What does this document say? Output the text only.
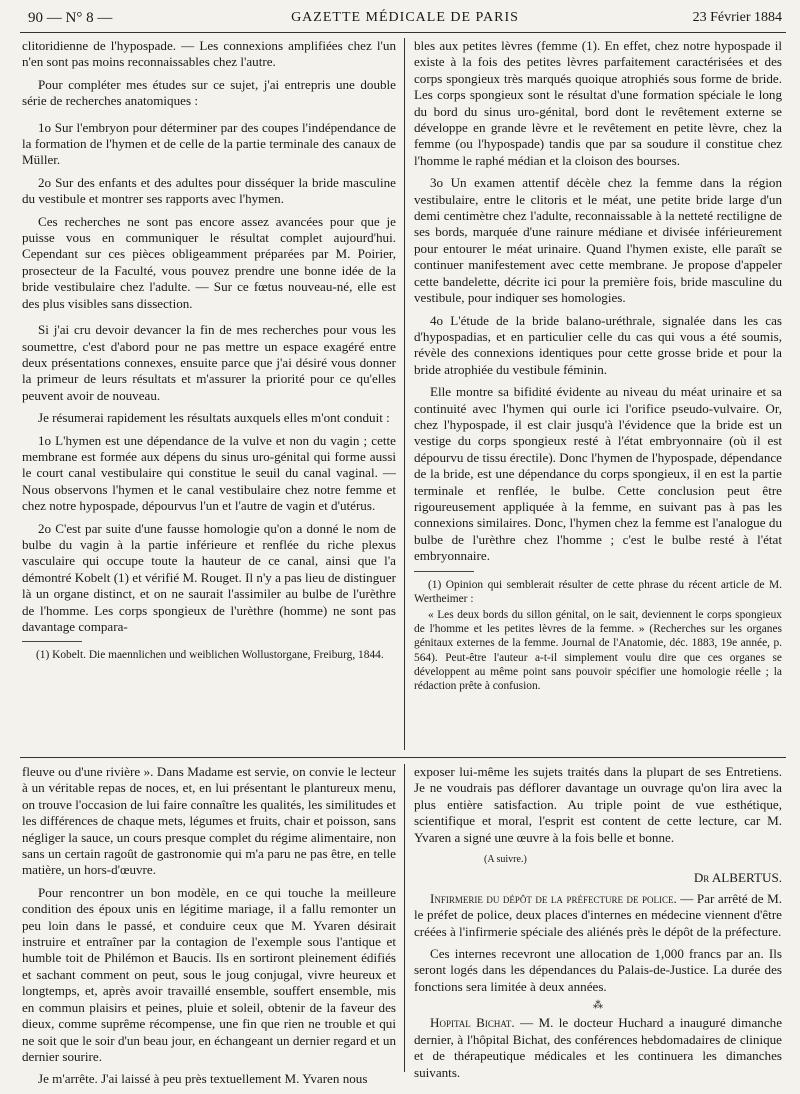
90 — N° 8 —	GAZETTE MÉDICALE DE PARIS	23 Février 1884

clitoridienne de l'hypospade. — Les connexions amplifiées chez l'un n'en sont pas moins reconnaissables chez l'autre.

Pour compléter mes études sur ce sujet, j'ai entrepris une double série de recherches anatomiques :

1o Sur l'embryon pour déterminer par des coupes l'indépendance de la formation de l'hymen et de celle de la partie terminale des canaux de Müller.

2o Sur des enfants et des adultes pour disséquer la bride masculine du vestibule et montrer ses rapports avec l'hymen.

Ces recherches ne sont pas encore assez avancées pour que je puisse vous en communiquer le résultat complet aujourd'hui. Cependant sur ces pièces obligeamment préparées par M. Poirier, prosecteur de la Faculté, vous pouvez prendre une bonne idée de la bride vestibulaire chez l'adulte. — Sur ce fœtus nouveau-né, elle est des plus visibles sans dissection.

Si j'ai cru devoir devancer la fin de mes recherches pour vous les soumettre, c'est d'abord pour ne pas mettre un espace exagéré entre deux présentations connexes, ensuite parce que j'ai désiré vous donner la primeur de leurs résultats et m'assurer la priorité pour ce qu'elles peuvent avoir de nouveau.

Je résumerai rapidement les résultats auxquels elles m'ont conduit :

1o L'hymen est une dépendance de la vulve et non du vagin ; cette membrane est formée aux dépens du sinus uro-génital qui forme aussi le court canal vestibulaire qui constitue le seuil du canal vaginal. — Nous observons l'hymen et le canal vestibulaire chez notre femme et chez notre hypospade, dépourvus l'un et l'autre de vagin et d'utérus.

2o C'est par suite d'une fausse homologie qu'on a donné le nom de bulbe du vagin à la partie inférieure et renflée du riche plexus vasculaire qui occupe toute la hauteur de ce canal, ainsi que l'a démontré Kobelt (1) et vérifié M. Rouget. Il n'y a pas lieu de distinguer là un organe distinct, et on ne saurait l'assimiler au bulbe de l'urèthre de l'homme. Les corps spongieux de l'urèthre (homme) ne sont pas davantage compara-

(1) Kobelt. Die maennlichen und weiblichen Wollustorgane, Freiburg, 1844.

bles aux petites lèvres (femme (1). En effet, chez notre hypospade il existe à la fois des petites lèvres parfaitement caractérisées et des corps spongieux très marqués quoique atrophiés sous forme de bride. Les corps spongieux sont le résultat d'une formation spéciale le long du bord du sinus uro-génital, bord dont le revêtement externe se développe en grande lèvre et le revêtement en petite lèvre, chez la femme (ou l'hypospade) tandis que par sa soudure il constitue chez l'homme le raphé médian et la cloison des bourses.

3o Un examen attentif décèle chez la femme dans la région vestibulaire, entre le clitoris et le méat, une petite bride large d'un demi centimètre chez l'adulte, reconnaissable à la netteté rectiligne de ses bords, marquée d'une rainure médiane et divisée inférieurement pour entourer le méat urinaire. Quand l'hymen existe, elle paraît se continuer manifestement avec cette membrane. Je propose d'appeler cette bandelette, décrite ici pour la première fois, bride masculine du vestibule, pour indiquer ses homologies.

4o L'étude de la bride balano-uréthrale, signalée dans les cas d'hypospadias, et en particulier celle du cas qui vous a été soumis, révèle des connexions identiques pour cette grosse bride et pour la bride atrophiée du vestibule féminin.

Elle montre sa bifidité évidente au niveau du méat urinaire et sa continuité avec l'hymen qui ourle ici l'orifice pseudo-vulvaire. Or, chez l'hypospade, il est clair jusqu'à l'évidence que la bride est un vestige du corps spongieux resté à l'état embryonnaire (où il est dépourvu de tissu érectile). Donc l'hymen de l'hypospade, dépendance de la bride, est une dépendance du corps spongieux, il en est la partie terminale et renflée, le bulbe. Cette conclusion peut être rigoureusement appliquée à la femme, en suivant pas à pas les connexions similaires. Donc, l'hymen chez la femme est l'analogue du bulbe de l'urèthre chez l'homme ; c'est le bulbe resté à l'état embryonnaire.

(1) Opinion qui semblerait résulter de cette phrase du récent article de M. Wertheimer :

« Les deux bords du sillon génital, on le sait, deviennent le corps spongieux de l'homme et les petites lèvres de la femme. » (Recherches sur les organes génitaux externes de la femme. Journal de l'Anatomie, déc. 1883, 19e année, p. 564). Peut-être l'auteur a-t-il simplement voulu dire que ces organes se développent au même point sans pouvoir spécifier une homologie réelle ; la rédaction prête à confusion.

fleuve ou d'une rivière ». Dans Madame est servie, on convie le lecteur à un véritable repas de noces, et, en lui présentant le plantureux menu, on trouve l'occasion de lui faire connaître les qualités, les similitudes et les différences de chaque mets, légumes et fruits, chair et poisson, sans négliger la sauce, un cours presque complet du régime alimentaire, non sans un certain ragoût de gastronomie qui m'a paru ne pas être, en telle matière, un hors-d'œuvre.

Pour rencontrer un bon modèle, en ce qui touche la meilleure condition des époux unis en légitime mariage, il a fallu remonter un peu loin dans le passé, et conduire ceux que M. Yvaren désirait instruire et entraîner par la contagion de l'exemple sous l'antique et humble toit de Philémon et Baucis. Ils en sortiront pleinement édifiés et sachant comment on peut, sous le joug conjugal, vivre heureux et longtemps, et, après avoir travaillé ensemble, souffert ensemble, mis en commun plaisirs et peines, pluie et soleil, obtenir de la faveur des dieux, comme suprême récompense, une fin que rien ne trouble et qui ne soit que le soir d'un beau jour, en échangeant un dernier regard et un dernier sourire.

Je m'arrête. J'ai laissé à peu près textuellement M. Yvaren nous

exposer lui-même les sujets traités dans la plupart de ses Entretiens. Je ne voudrais pas déflorer davantage un ouvrage qu'on lira avec la plus entière satisfaction. Au triple point de vue esthétique, scientifique et moral, l'esprit est content de cette lecture, car M. Yvaren a signé une œuvre à la fois belle et bonne.

(A suivre.)
Dr ALBERTUS.

Infirmerie du dépôt de la préfecture de police. — Par arrêté de M. le préfet de police, deux places d'internes en médecine viennent d'être créées à l'infirmerie spéciale des aliénés près le dépôt de la préfecture.

Ces internes recevront une allocation de 1,000 francs par an. Ils seront logés dans les dépendances du Palais-de-Justice. La durée des fonctions sera limitée à deux années.

⁂

Hopital Bichat. — M. le docteur Huchard a inauguré dimanche dernier, à l'hôpital Bichat, des conférences hebdomadaires de clinique et de thérapeutique médicales et les continuera les dimanches suivants.
